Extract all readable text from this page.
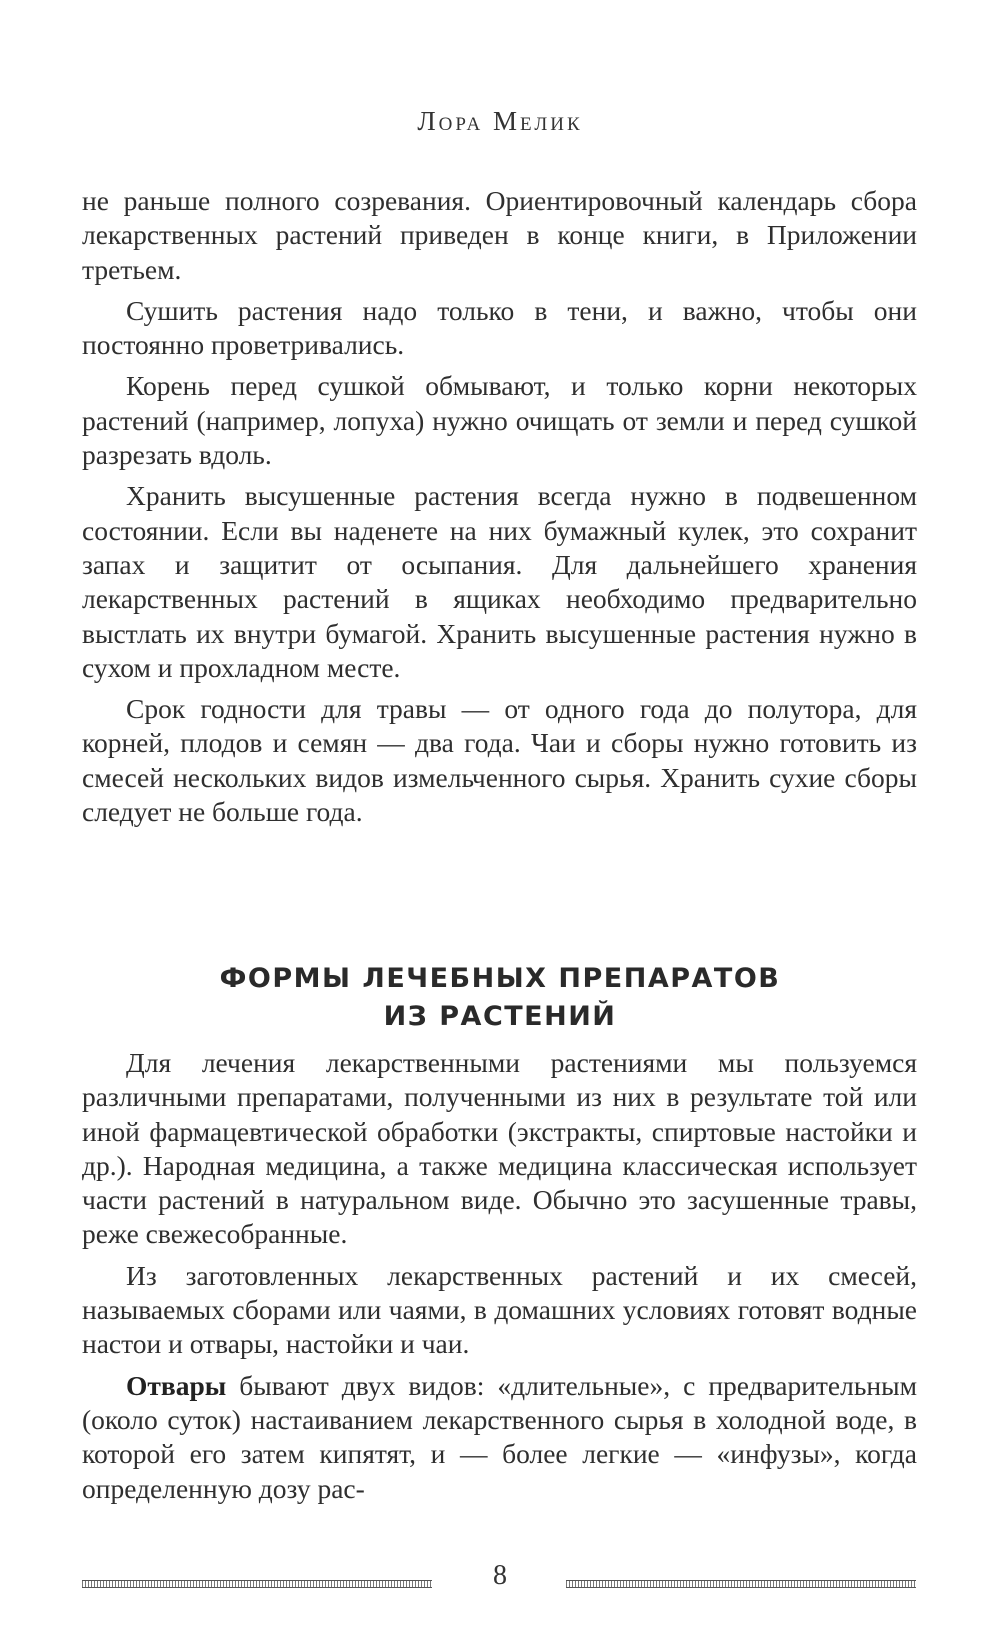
Лора Мелик

не раньше полного созревания. Ориентировочный календарь сбора лекарственных растений приведен в конце книги, в Приложении третьем.

Сушить растения надо только в тени, и важно, чтобы они постоянно проветривались.

Корень перед сушкой обмывают, и только корни некоторых растений (например, лопуха) нужно очищать от земли и перед сушкой разрезать вдоль.

Хранить высушенные растения всегда нужно в подвешенном состоянии. Если вы наденете на них бумажный кулек, это сохранит запах и защитит от осыпания. Для дальнейшего хранения лекарственных растений в ящиках необходимо предварительно выстлать их внутри бумагой. Хранить высушенные растения нужно в сухом и прохладном месте.

Срок годности для травы — от одного года до полутора, для корней, плодов и семян — два года. Чаи и сборы нужно готовить из смесей нескольких видов измельченного сырья. Хранить сухие сборы следует не больше года.

ФОРМЫ ЛЕЧЕБНЫХ ПРЕПАРАТОВ
ИЗ РАСТЕНИЙ

Для лечения лекарственными растениями мы пользуемся различными препаратами, полученными из них в результате той или иной фармацевтической обработки (экстракты, спиртовые настойки и др.). Народная медицина, а также медицина классическая использует части растений в натуральном виде. Обычно это засушенные травы, реже свежесобранные.

Из заготовленных лекарственных растений и их смесей, называемых сборами или чаями, в домашних условиях готовят водные настои и отвары, настойки и чаи.

Отвары бывают двух видов: «длительные», с предварительным (около суток) настаиванием лекарственного сырья в холодной воде, в которой его затем кипятят, и — более легкие — «инфузы», когда определенную дозу рас-

8
